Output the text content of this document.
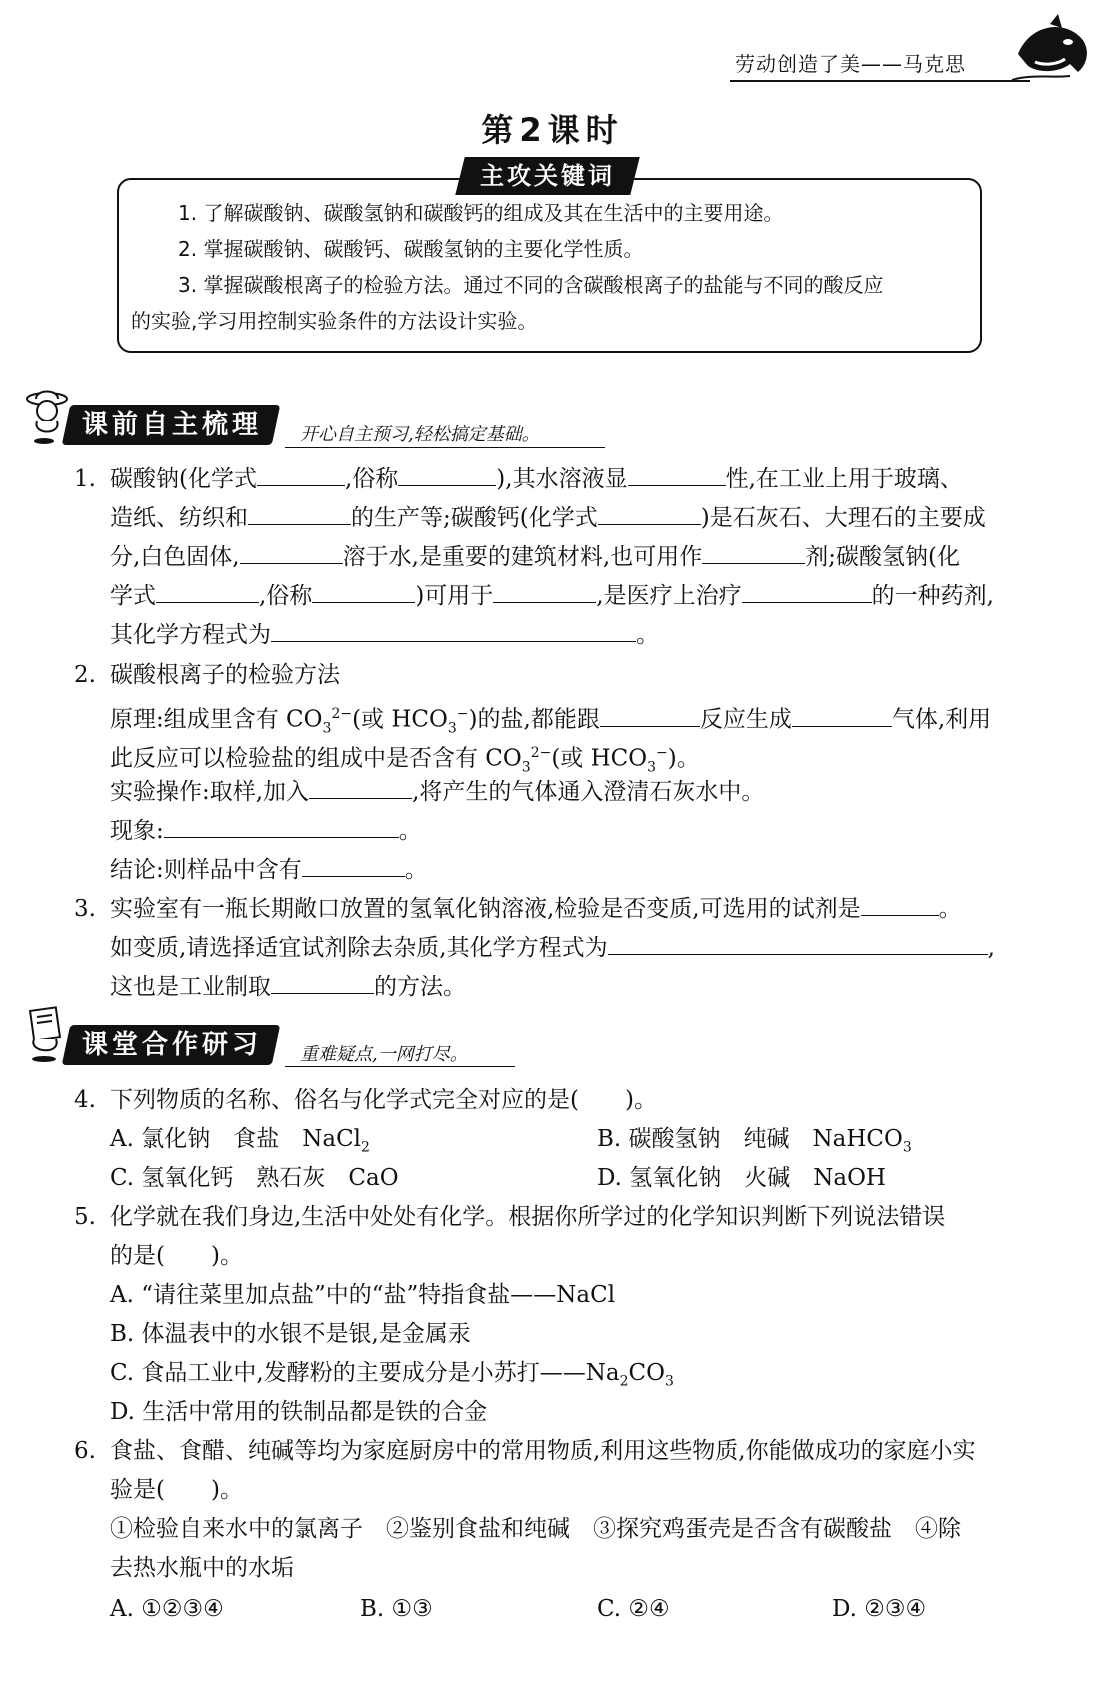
劳动创造了美——马克思
第2课时
主攻关键词
1. 了解碳酸钠、碳酸氢钠和碳酸钙的组成及其在生活中的主要用途。
2. 掌握碳酸钠、碳酸钙、碳酸氢钠的主要化学性质。
3. 掌握碳酸根离子的检验方法。通过不同的含碳酸根离子的盐能与不同的酸反应
的实验,学习用控制实验条件的方法设计实验。
课前自主梳理	开心自主预习,轻松搞定基础。
1. 碳酸钠(化学式	,俗称	),其水溶液显	性,在工业上用于玻璃、
造纸、纺织和	的生产等;碳酸钙(化学式	)是石灰石、大理石的主要成
分,白色固体,	溶于水,是重要的建筑材料,也可用作	剂;碳酸氢钠(化
学式	,俗称	)可用于	,是医疗上治疗	的一种药剂,
其化学方程式为	。
2. 碳酸根离子的检验方法
原理:组成里含有 $CO_3^{2-}$(或 $HCO_3^-$)的盐,都能跟	反应生成	气体,利用
此反应可以检验盐的组成中是否含有 $CO_3^{2-}$(或 $HCO_3^-$)。
实验操作:取样,加入	,将产生的气体通入澄清石灰水中。
现象:	。
结论:则样品中含有	。
3. 实验室有一瓶长期敞口放置的氢氧化钠溶液,检验是否变质,可选用的试剂是	。
如变质,请选择适宜试剂除去杂质,其化学方程式为	,
这也是工业制取	的方法。
课堂合作研习	重难疑点,一网打尽。
4. 下列物质的名称、俗名与化学式完全对应的是(　　)。
A. 氯化钠　食盐　NaCl$_2$	B. 碳酸氢钠　纯碱　NaHCO$_3$
C. 氢氧化钙　熟石灰　CaO	D. 氢氧化钠　火碱　NaOH
5. 化学就在我们身边,生活中处处有化学。根据你所学过的化学知识判断下列说法错误
的是(　　)。
A. “请往菜里加点盐”中的“盐”特指食盐——NaCl
B. 体温表中的水银不是银,是金属汞
C. 食品工业中,发酵粉的主要成分是小苏打$——Na_2CO_3$
D. 生活中常用的铁制品都是铁的合金
6. 食盐、食醋、纯碱等均为家庭厨房中的常用物质,利用这些物质,你能做成功的家庭小实
验是(　　)。
①检验自来水中的氯离子　②鉴别食盐和纯碱　③探究鸡蛋壳是否含有碳酸盐　④除
去热水瓶中的水垢
A. ①②③④	B. ①③	C. ②④	D. ②③④
